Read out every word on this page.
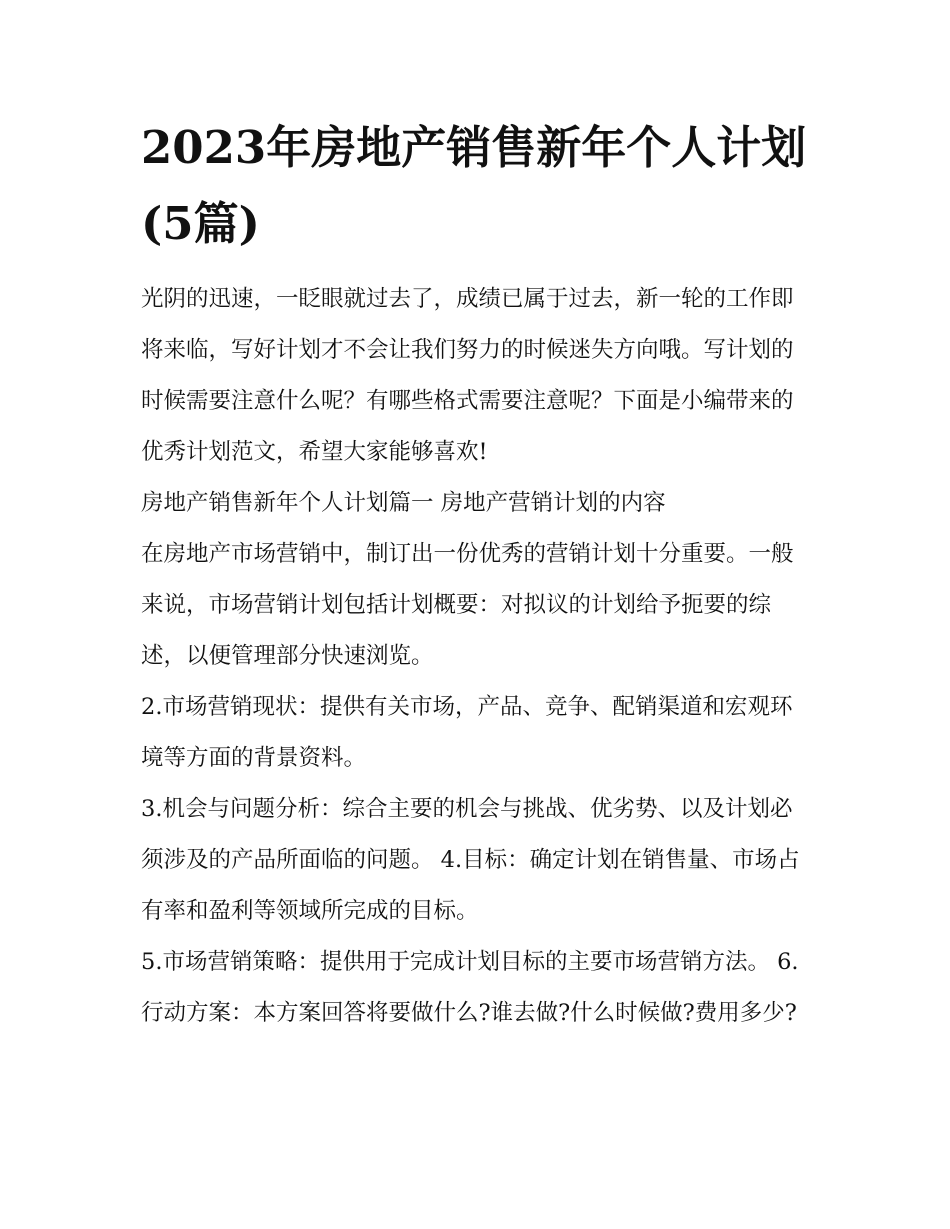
2023年房地产销售新年个人计划(5篇)

光阴的迅速，一眨眼就过去了，成绩已属于过去，新一轮的工作即将来临，写好计划才不会让我们努力的时候迷失方向哦。写计划的时候需要注意什么呢？有哪些格式需要注意呢？下面是小编带来的优秀计划范文，希望大家能够喜欢!

房地产销售新年个人计划篇一 房地产营销计划的内容

在房地产市场营销中，制订出一份优秀的营销计划十分重要。一般来说，市场营销计划包括计划概要：对拟议的计划给予扼要的综述，以便管理部分快速浏览。

2.市场营销现状：提供有关市场，产品、竞争、配销渠道和宏观环境等方面的背景资料。

3.机会与问题分析：综合主要的机会与挑战、优劣势、以及计划必须涉及的产品所面临的问题。 4.目标：确定计划在销售量、市场占有率和盈利等领域所完成的目标。

5.市场营销策略：提供用于完成计划目标的主要市场营销方法。 6.行动方案：本方案回答将要做什么?谁去做?什么时候做?费用多少?
